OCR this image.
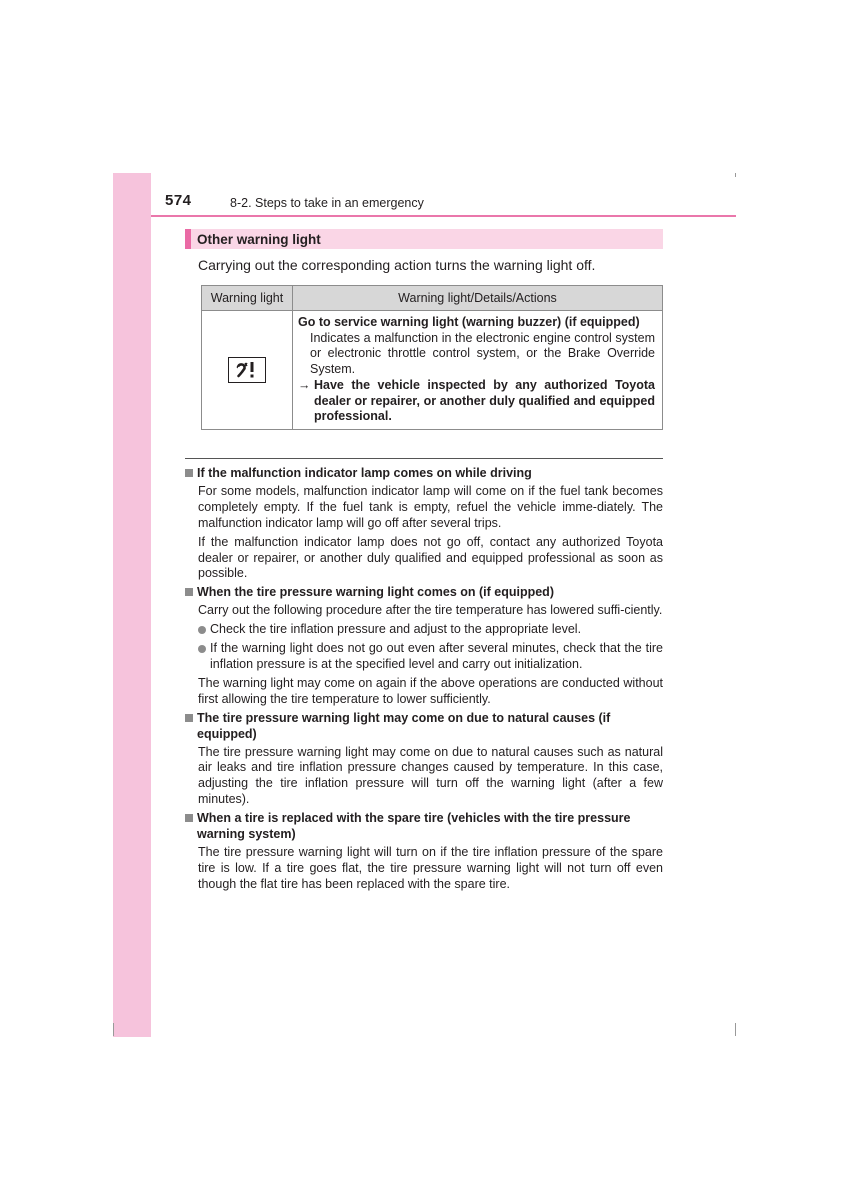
574	8-2. Steps to take in an emergency
Other warning light
Carrying out the corresponding action turns the warning light off.
Warning light	Warning light/Details/Actions

Go to service warning light (warning buzzer) (if equipped)
Indicates a malfunction in the electronic engine control system or electronic throttle control system, or the Brake Override System.
→ Have the vehicle inspected by any authorized Toyota dealer or repairer, or another duly qualified and equipped professional.
If the malfunction indicator lamp comes on while driving

For some models, malfunction indicator lamp will come on if the fuel tank becomes completely empty. If the fuel tank is empty, refuel the vehicle imme-diately. The malfunction indicator lamp will go off after several trips.

If the malfunction indicator lamp does not go off, contact any authorized Toyota dealer or repairer, or another duly qualified and equipped professional as soon as possible.

When the tire pressure warning light comes on (if equipped)

Carry out the following procedure after the tire temperature has lowered suffi-ciently.

Check the tire inflation pressure and adjust to the appropriate level.
If the warning light does not go out even after several minutes, check that the tire inflation pressure is at the specified level and carry out initialization.

The warning light may come on again if the above operations are conducted without first allowing the tire temperature to lower sufficiently.

The tire pressure warning light may come on due to natural causes (if equipped)

The tire pressure warning light may come on due to natural causes such as natural air leaks and tire inflation pressure changes caused by temperature. In this case, adjusting the tire inflation pressure will turn off the warning light (after a few minutes).

When a tire is replaced with the spare tire (vehicles with the tire pressure warning system)

The tire pressure warning light will turn on if the tire inflation pressure of the spare tire is low. If a tire goes flat, the tire pressure warning light will not turn off even though the flat tire has been replaced with the spare tire.
